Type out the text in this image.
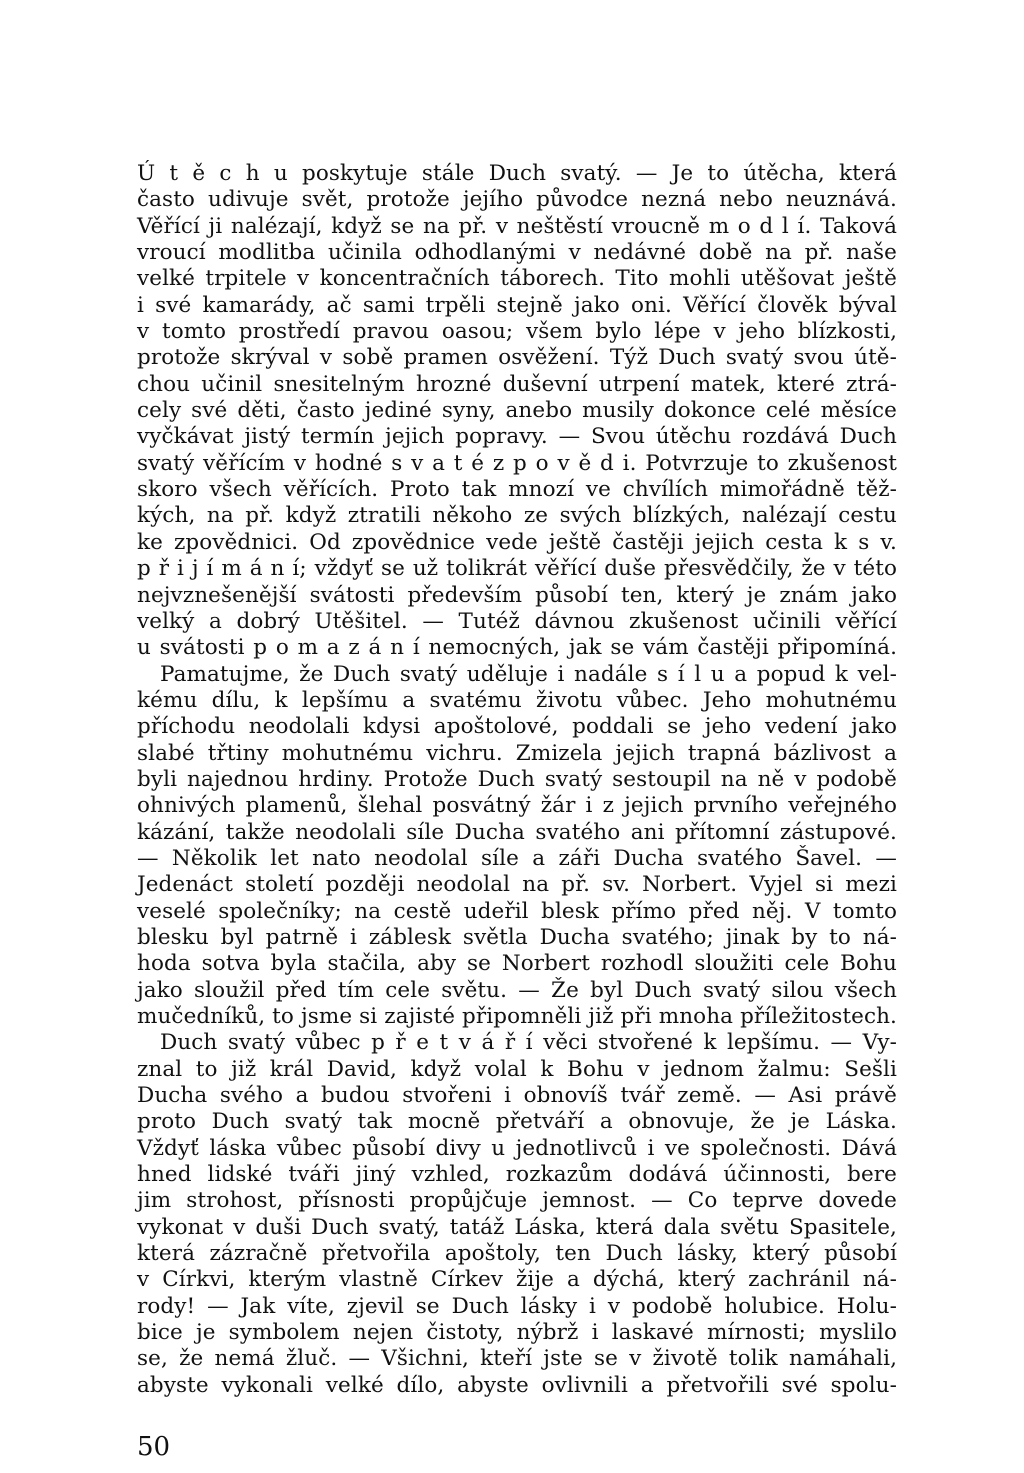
Ú t ě c h u poskytuje stále Duch svatý. — Je to útěcha, která
často udivuje svět, protože jejího původce nezná nebo neuznává.
Věřící ji nalézají, když se na př. v neštěstí vroucně m o d l í. Taková
vroucí modlitba učinila odhodlanými v nedávné době na př. naše
velké trpitele v koncentračních táborech. Tito mohli utěšovat ještě
i své kamarády, ač sami trpěli stejně jako oni. Věřící člověk býval
v tomto prostředí pravou oasou; všem bylo lépe v jeho blízkosti,
protože skrýval v sobě pramen osvěžení. Týž Duch svatý svou útě-
chou učinil snesitelným hrozné duševní utrpení matek, které ztrá-
cely své děti, často jediné syny, anebo musily dokonce celé měsíce
vyčkávat jistý termín jejich popravy. — Svou útěchu rozdává Duch
svatý věřícím v hodné s v a t é z p o v ě d i. Potvrzuje to zkušenost
skoro všech věřících. Proto tak mnozí ve chvílích mimořádně těž-
kých, na př. když ztratili někoho ze svých blízkých, nalézají cestu
ke zpovědnici. Od zpovědnice vede ještě častěji jejich cesta k s v.
p ř i j í m á n í; vždyť se už tolikrát věřící duše přesvědčily, že v této
nejvznešenější svátosti především působí ten, který je znám jako
velký a dobrý Utěšitel. — Tutéž dávnou zkušenost učinili věřící
u svátosti p o m a z á n í nemocných, jak se vám častěji připomíná.
Pamatujme, že Duch svatý uděluje i nadále s í l u a popud k vel-
kému dílu, k lepšímu a svatému životu vůbec. Jeho mohutnému
příchodu neodolali kdysi apoštolové, poddali se jeho vedení jako
slabé třtiny mohutnému vichru. Zmizela jejich trapná bázlivost a
byli najednou hrdiny. Protože Duch svatý sestoupil na ně v podobě
ohnivých plamenů, šlehal posvátný žár i z jejich prvního veřejného
kázání, takže neodolali síle Ducha svatého ani přítomní zástupové.
— Několik let nato neodolal síle a záři Ducha svatého Šavel. —
Jedenáct století později neodolal na př. sv. Norbert. Vyjel si mezi
veselé společníky; na cestě udeřil blesk přímo před něj. V tomto
blesku byl patrně i záblesk světla Ducha svatého; jinak by to ná-
hoda sotva byla stačila, aby se Norbert rozhodl sloužiti cele Bohu
jako sloužil před tím cele světu. — Že byl Duch svatý silou všech
mučedníků, to jsme si zajisté připomněli již při mnoha příležitostech.
Duch svatý vůbec p ř e t v á ř í věci stvořené k lepšímu. — Vy-
znal to již král David, když volal k Bohu v jednom žalmu: Sešli
Ducha svého a budou stvořeni i obnovíš tvář země. — Asi právě
proto Duch svatý tak mocně přetváří a obnovuje, že je Láska.
Vždyť láska vůbec působí divy u jednotlivců i ve společnosti. Dává
hned lidské tváři jiný vzhled, rozkazům dodává účinnosti, bere
jim strohost, přísnosti propůjčuje jemnost. — Co teprve dovede
vykonat v duši Duch svatý, tatáž Láska, která dala světu Spasitele,
která zázračně přetvořila apoštoly, ten Duch lásky, který působí
v Církvi, kterým vlastně Církev žije a dýchá, který zachránil ná-
rody! — Jak víte, zjevil se Duch lásky i v podobě holubice. Holu-
bice je symbolem nejen čistoty, nýbrž i laskavé mírnosti; myslilo
se, že nemá žluč. — Všichni, kteří jste se v životě tolik namáhali,
abyste vykonali velké dílo, abyste ovlivnili a přetvořili své spolu-
50
